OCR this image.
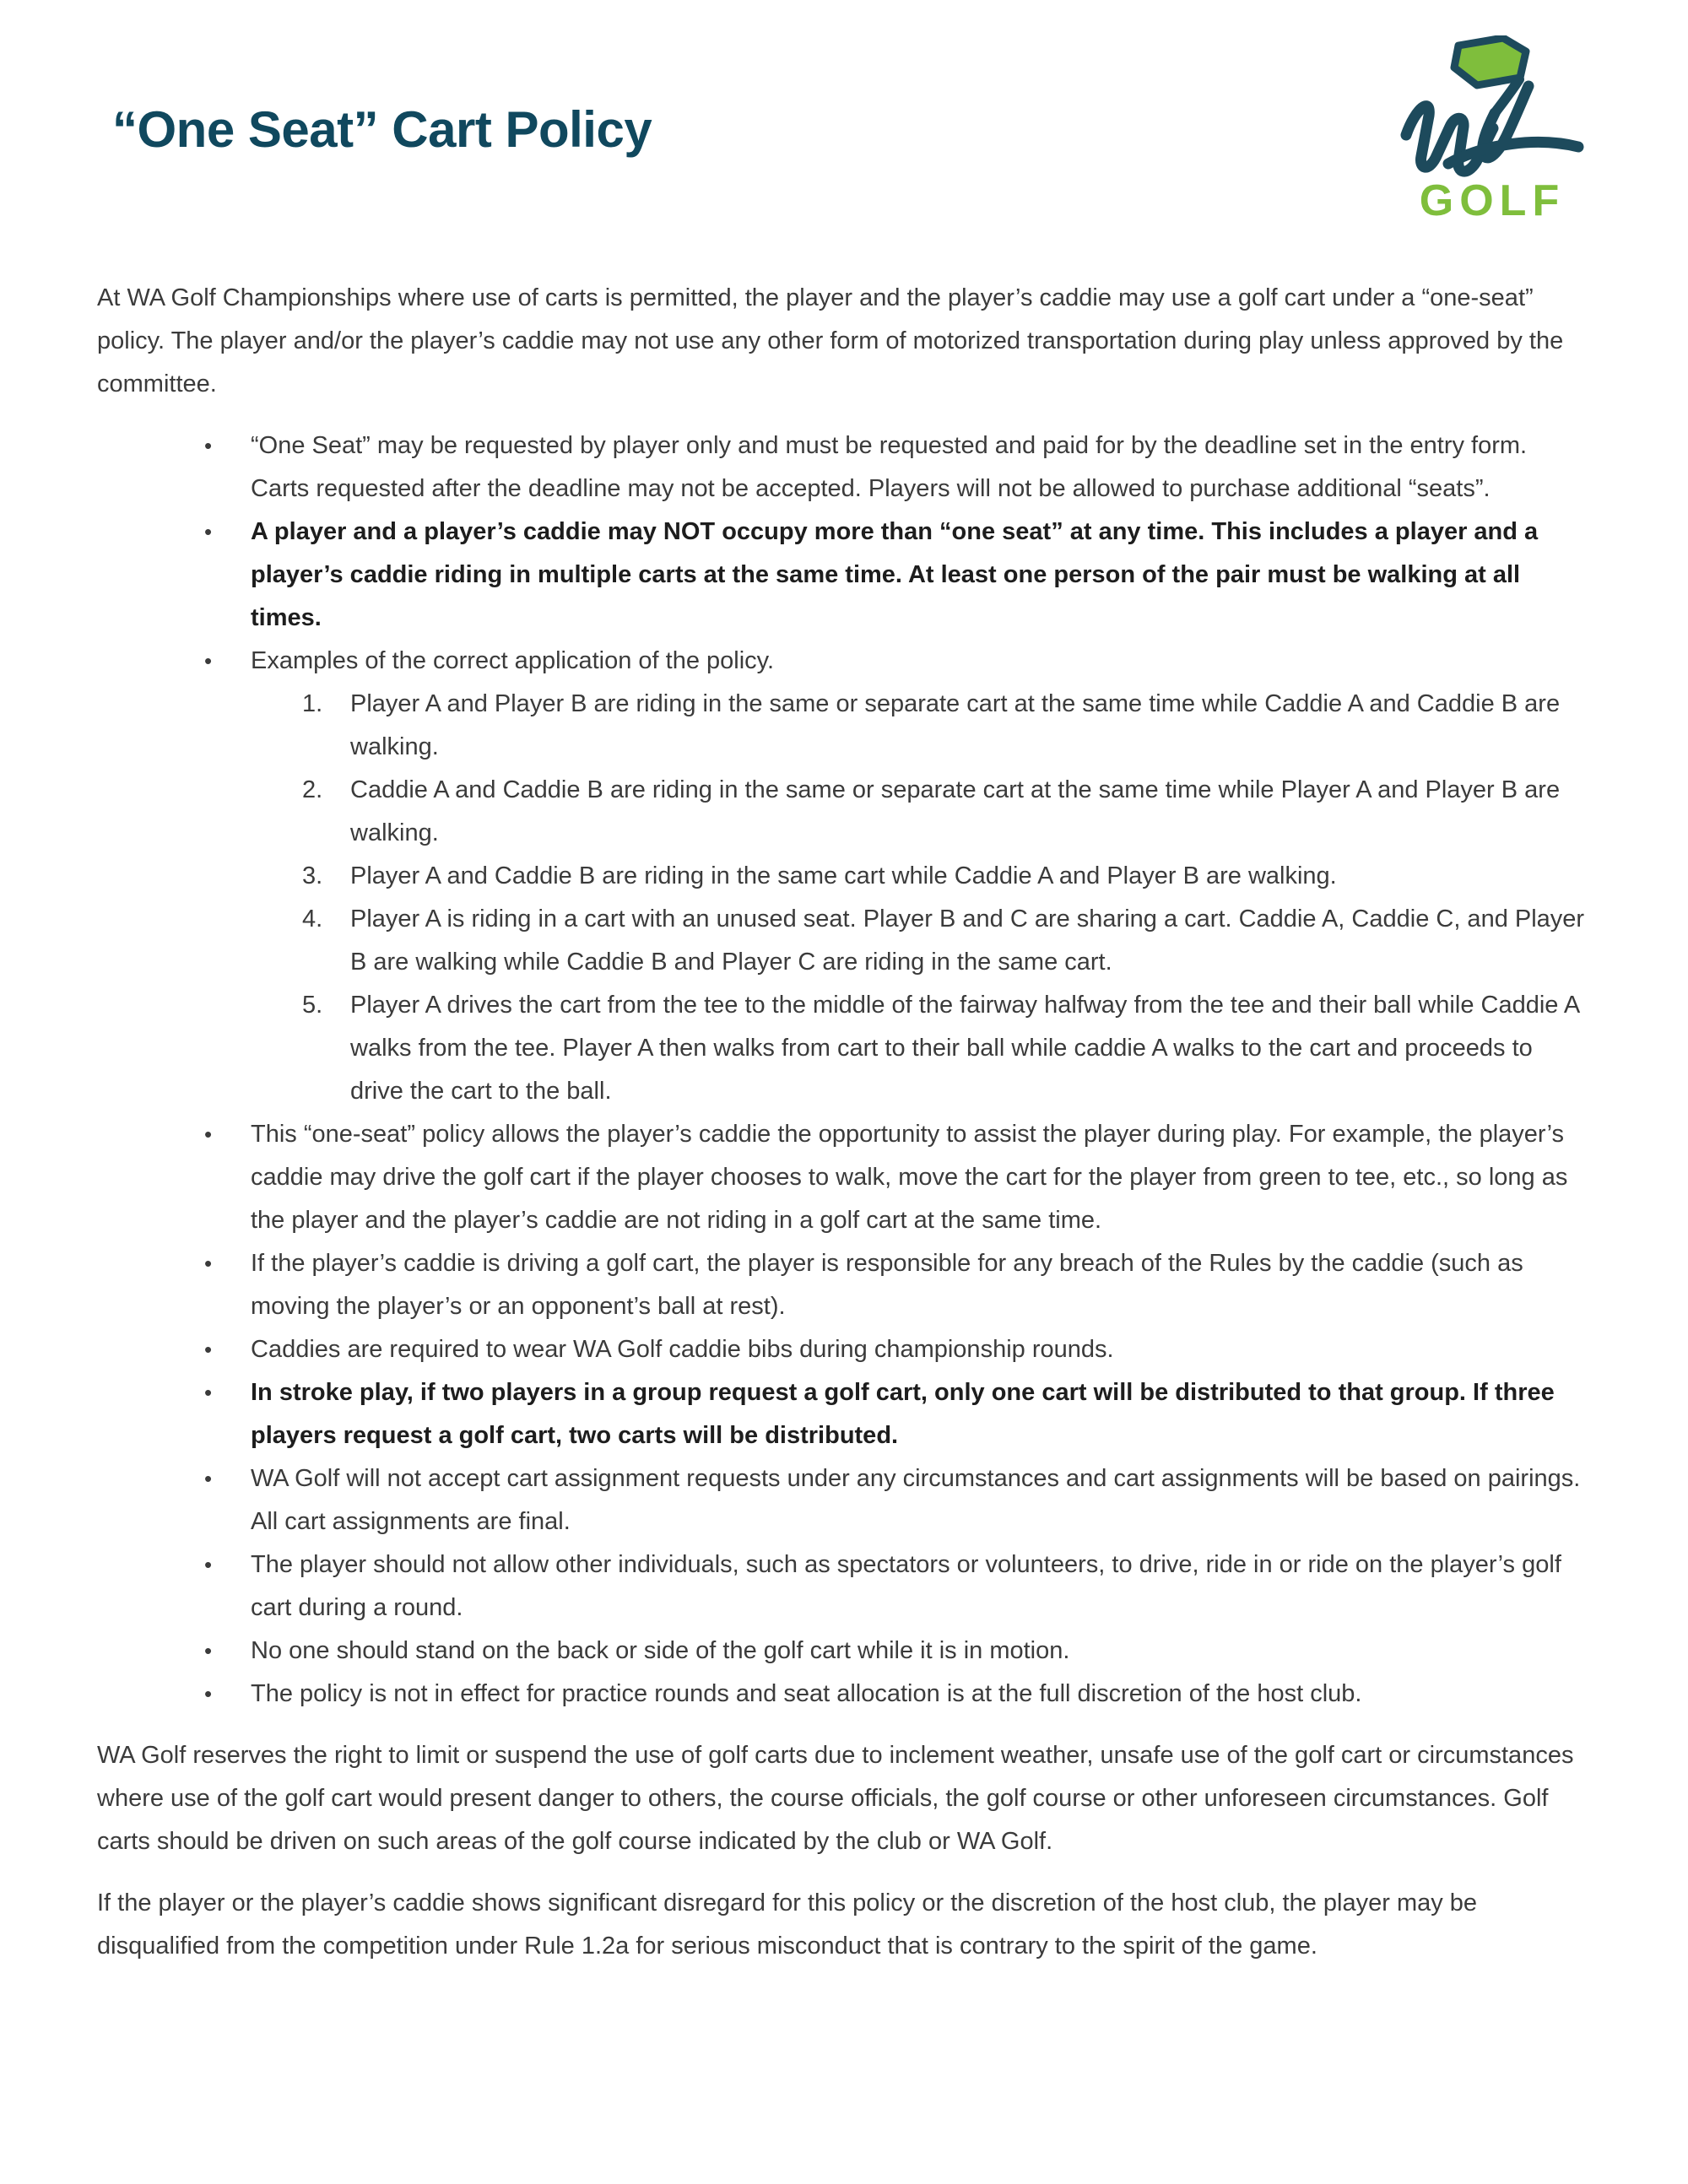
“One Seat” Cart Policy
GOLF

At WA Golf Championships where use of carts is permitted, the player and the player’s caddie may use a golf cart under a “one-seat” policy. The player and/or the player’s caddie may not use any other form of motorized transportation during play unless approved by the committee.

•	“One Seat” may be requested by player only and must be requested and paid for by the deadline set in the entry form. Carts requested after the deadline may not be accepted. Players will not be allowed to purchase additional “seats”.
•	A player and a player’s caddie may NOT occupy more than “one seat” at any time. This includes a player and a player’s caddie riding in multiple carts at the same time. At least one person of the pair must be walking at all times.
•	Examples of the correct application of the policy.
1.	Player A and Player B are riding in the same or separate cart at the same time while Caddie A and Caddie B are walking.
2.	Caddie A and Caddie B are riding in the same or separate cart at the same time while Player A and Player B are walking.
3.	Player A and Caddie B are riding in the same cart while Caddie A and Player B are walking.
4.	Player A is riding in a cart with an unused seat. Player B and C are sharing a cart. Caddie A, Caddie C, and Player B are walking while Caddie B and Player C are riding in the same cart.
5.	Player A drives the cart from the tee to the middle of the fairway halfway from the tee and their ball while Caddie A walks from the tee. Player A then walks from cart to their ball while caddie A walks to the cart and proceeds to drive the cart to the ball.
•	This “one-seat” policy allows the player’s caddie the opportunity to assist the player during play. For example, the player’s caddie may drive the golf cart if the player chooses to walk, move the cart for the player from green to tee, etc., so long as the player and the player’s caddie are not riding in a golf cart at the same time.
•	If the player’s caddie is driving a golf cart, the player is responsible for any breach of the Rules by the caddie (such as moving the player’s or an opponent’s ball at rest).
•	Caddies are required to wear WA Golf caddie bibs during championship rounds.
•	In stroke play, if two players in a group request a golf cart, only one cart will be distributed to that group. If three players request a golf cart, two carts will be distributed.
•	WA Golf will not accept cart assignment requests under any circumstances and cart assignments will be based on pairings. All cart assignments are final.
•	The player should not allow other individuals, such as spectators or volunteers, to drive, ride in or ride on the player’s golf cart during a round.
•	No one should stand on the back or side of the golf cart while it is in motion.
•	The policy is not in effect for practice rounds and seat allocation is at the full discretion of the host club.

WA Golf reserves the right to limit or suspend the use of golf carts due to inclement weather, unsafe use of the golf cart or circumstances where use of the golf cart would present danger to others, the course officials, the golf course or other unforeseen circumstances. Golf carts should be driven on such areas of the golf course indicated by the club or WA Golf.

If the player or the player’s caddie shows significant disregard for this policy or the discretion of the host club, the player may be disqualified from the competition under Rule 1.2a for serious misconduct that is contrary to the spirit of the game.
